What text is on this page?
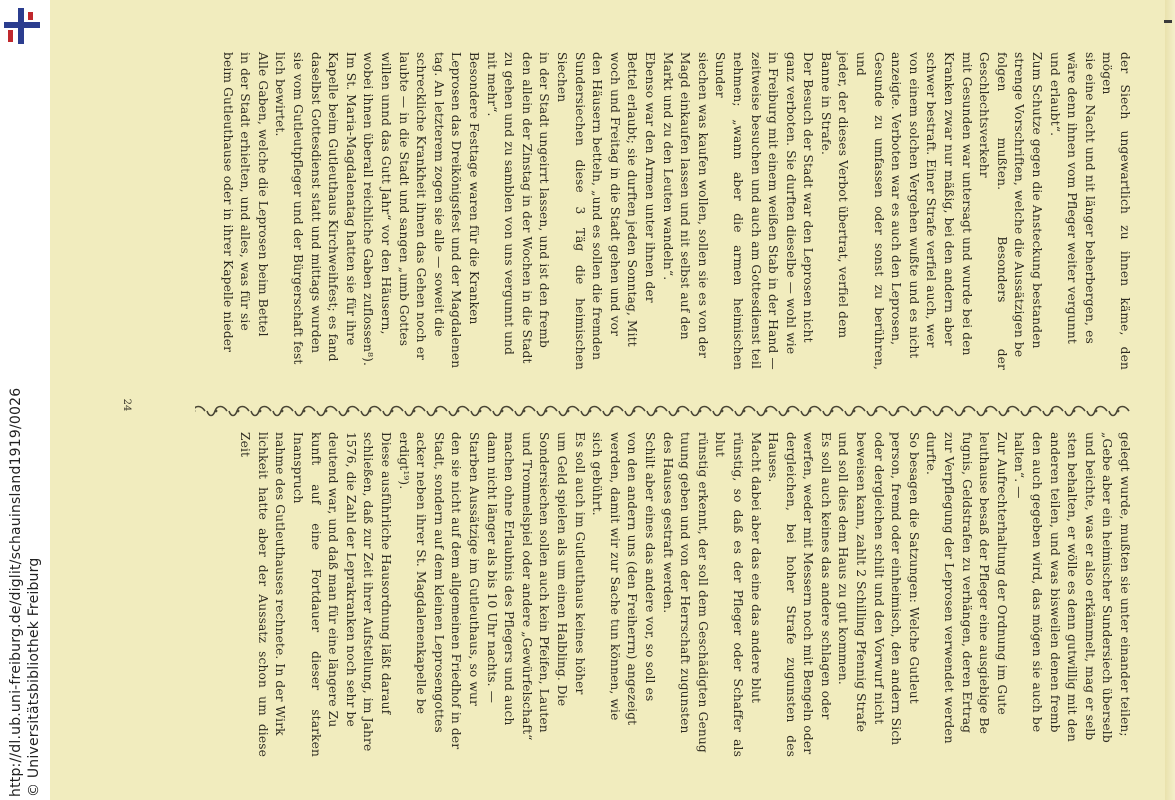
http://dl.ub.uni-freiburg.de/diglit/schauinsland1919/0026 © Universitätsbibliothek Freiburg
der Siech ungewartlich zu ihnen käme, den mögen
sie eine Nacht und nit länger beherbergen, es
wäre denn ihnen vom Pfleger weiter vergunnt
und erlaubt“.
Zum Schutze gegen die Ansteckung bestanden
strenge Vorschriften, welche die Aussätzigen be
folgen mußten. Besonders der Geschlechtsverkehr
mit Gesunden war untersagt und wurde bei den
Kranken zwar nur mäßig, bei den andern aber
schwer bestraft. Einer Strafe verfiel auch, wer
von einem solchen Vergehen wußte und es nicht
anzeigte. Verboten war es auch den Leprosen,
Gesunde zu umfassen oder sonst zu berühren, und
jeder, der dieses Verbot übertrat, verfiel dem
Banne in Strafe.
Der Besuch der Stadt war den Leprosen nicht
ganz verboten. Sie durften dieselbe — wohl wie
in Freiburg mit einem weißen Stab in der Hand —
zeitweise besuchen und auch am Gottesdienst teil
nehmen; „wann aber die armen heimischen Sunder
siechen was kaufen wollen, sollen sie es von der
Magd einkaufen lassen und nit selbst auf den
Markt und zu den Leuten wandeln“.
Ebenso war den Armen unter ihnen der
Bettel erlaubt; sie durften jeden Sonntag, Mitt
woch und Freitag in die Stadt gehen und vor
den Häusern betteln, „und es sollen die fremden
Sundersiechen diese 3 Täg die heimischen Siechen
in der Stadt ungeirrt lassen, und ist den fremb
den allein der Zinstag in der Wochen in die Stadt
zu gehen und zu samblen von uns vergunnt und
nit mehr“.
Besondere Festtage waren für die Kranken
Leprosen das Dreikönigsfest und der Magdalenen
tag. An letzterem zogen sie alle — soweit die
schreckliche Krankheit ihnen das Gehen noch er
laubte — in die Stadt und sangen „umb Gottes
willen unnd das Gutt Jahr“ vor den Häusern,
wobei ihnen überall reichliche Gaben zuflossen⁸).
Im St. Maria-Magdalenatag hatten sie für ihre
Kapelle beim Gutleuthaus Kirchweihfest; es fand
daselbst Gottesdienst statt und mittags wurden
sie vom Gutleutpfleger und der Bürgerschaft fest
lich bewirtet.
Alle Gaben, welche die Leprosen beim Bettel
in der Stadt erhielten, und alles, was für sie
beim Gutleuthause oder in ihrer Kapelle nieder
gelegt wurde, mußten sie unter einander teilen;
„Gebe aber ein heimischer Sundersiech überselb
und beichte, was er also erkämmelt, mag er selb
sten behalten, er wölle es denn gutwillig mit den
anderen teilen, und was bisweilen denen fremb
den auch gegeben wird, das mögen sie auch be
halten“. —
Zur Aufrechterhaltung der Ordnung im Gute
leuthause besaß der Pfleger eine ausgiebige Be
fugnis, Geldstrafen zu verhängen, deren Ertrag
zur Verpflegung der Leprosen verwendet werden
durfte.
So besagen die Satzungen: Welche Gutleut
person, fremd oder einheimisch, den andern Sich
oder dergleichen schilt und den Vorwurf nicht
beweisen kann, zahlt 2 Schilling Pfennig Strafe
und soll dies dem Haus zu gut kommen.
Es soll auch keines das andere schlagen oder
werfen, weder mit Messern noch mit Bengeln oder
dergleichen, bei hoher Strafe zugunsten des Hauses.
Macht dabei aber das eine das andere blut
rünstig, so daß es der Pfleger oder Schaffer als blut
rünstig erkennt, der soll dem Geschädigten Genug
tuung geben und von der Herrschaft zugunsten
des Hauses gestraft werden.
Schilt aber eines das andere vor, so soll es
von den andern uns (den Freiherrn) angezeigt
werden, damit wir zur Sache tun können, wie
sich gebührt.
Es soll auch im Gutleuthaus keines höher
um Geld spielen als um einen Halbling. Die
Sondersiechen sollen auch kein Pfeifen, Lauten
und Trommelspiel oder andere „Gewürfelschaft“
machen ohne Erlaubnis des Pflegers und auch
dann nicht länger als bis 10 Uhr nachts. —
Starben Aussätzige im Gutleuthaus, so wur
den sie nicht auf dem allgemeinen Friedhof in der
Stadt, sondern auf dem kleinen Leprosengottes
acker neben ihrer St. Magdalenenkapelle be
erdigt¹⁹).
Diese ausführliche Hausordnung läßt darauf
schließen, daß zur Zeit ihrer Aufstellung, im Jahre
1576, die Zahl der Leprakranken noch sehr be
deutend war, und daß man für eine längere Zu
kunft auf eine Fortdauer dieser starken Inanspruch
nahme des Gutleuthauses rechnete. In der Wirk
lichkeit hatte aber der Aussatz schon um diese Zeit
24
